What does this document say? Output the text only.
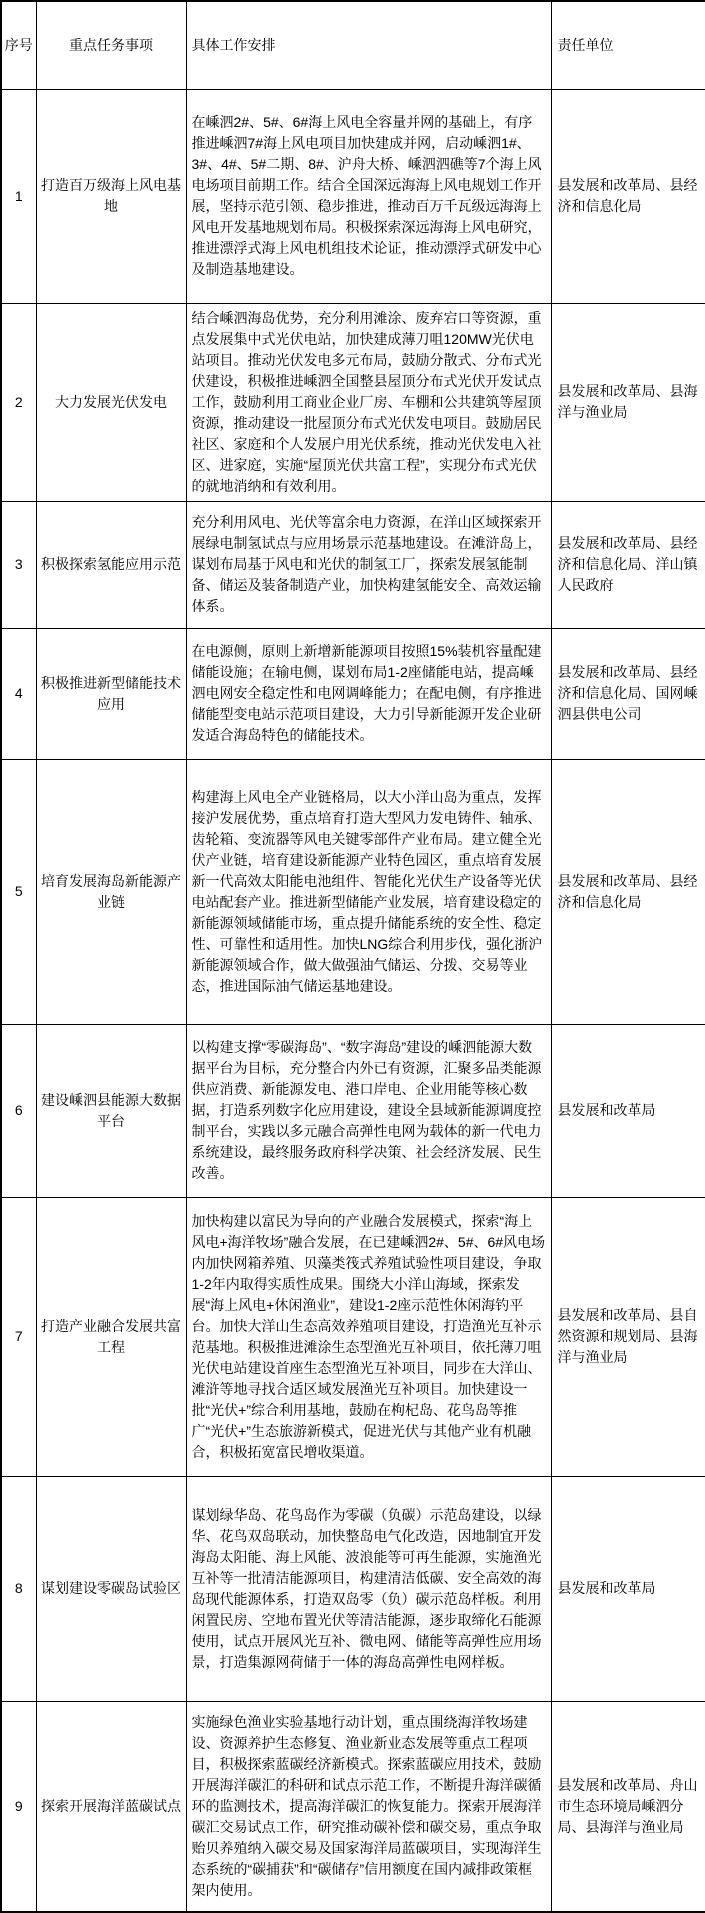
序号	重点任务事项	具体工作安排	责任单位
1	打造百万级海上风电基地	在嵊泗2#、5#、6#海上风电全容量并网的基础上，有序推进嵊泗7#海上风电项目加快建成并网，启动嵊泗1#、3#、4#、5#二期、8#、沪舟大桥、嵊泗泗礁等7个海上风电场项目前期工作。结合全国深远海海上风电规划工作开展，坚持示范引领、稳步推进，推动百万千瓦级远海海上风电开发基地规划布局。积极探索深远海海上风电研究，推进漂浮式海上风电机组技术论证，推动漂浮式研发中心及制造基地建设。	县发展和改革局、县经济和信息化局
2	大力发展光伏发电	结合嵊泗海岛优势，充分利用滩涂、废弃宕口等资源，重点发展集中式光伏电站，加快建成薄刀咀120MW光伏电站项目。推动光伏发电多元布局，鼓励分散式、分布式光伏建设，积极推进嵊泗全国整县屋顶分布式光伏开发试点工作，鼓励利用工商业企业厂房、车棚和公共建筑等屋顶资源，推动建设一批屋顶分布式光伏发电项目。鼓励居民社区、家庭和个人发展户用光伏系统，推动光伏发电入社区、进家庭，实施“屋顶光伏共富工程”，实现分布式光伏的就地消纳和有效利用。	县发展和改革局、县海洋与渔业局
3	积极探索氢能应用示范	充分利用风电、光伏等富余电力资源，在洋山区域探索开展绿电制氢试点与应用场景示范基地建设。在滩浒岛上，谋划布局基于风电和光伏的制氢工厂，探索发展氢能制备、储运及装备制造产业，加快构建氢能安全、高效运输体系。	县发展和改革局、县经济和信息化局、洋山镇人民政府
4	积极推进新型储能技术应用	在电源侧，原则上新增新能源项目按照15%装机容量配建储能设施；在输电侧，谋划布局1-2座储能电站，提高嵊泗电网安全稳定性和电网调峰能力；在配电侧，有序推进储能型变电站示范项目建设，大力引导新能源开发企业研发适合海岛特色的储能技术。	县发展和改革局、县经济和信息化局、国网嵊泗县供电公司
5	培育发展海岛新能源产业链	构建海上风电全产业链格局，以大小洋山岛为重点，发挥接沪发展优势，重点培育打造大型风力发电铸件、轴承、齿轮箱、变流器等风电关键零部件产业布局。建立健全光伏产业链，培育建设新能源产业特色园区，重点培育发展新一代高效太阳能电池组件、智能化光伏生产设备等光伏电站配套产业。推进新型储能产业发展，培育建设稳定的新能源领域储能市场，重点提升储能系统的安全性、稳定性、可靠性和适用性。加快LNG综合利用步伐，强化浙沪新能源领域合作，做大做强油气储运、分拨、交易等业态，推进国际油气储运基地建设。	县发展和改革局、县经济和信息化局
6	建设嵊泗县能源大数据平台	以构建支撑“零碳海岛”、“数字海岛”建设的嵊泗能源大数据平台为目标，充分整合内外已有资源，汇聚多品类能源供应消费、新能源发电、港口岸电、企业用能等核心数据，打造系列数字化应用建设，建设全县域新能源调度控制平台，实践以多元融合高弹性电网为载体的新一代电力系统建设，最终服务政府科学决策、社会经济发展、民生改善。	县发展和改革局
7	打造产业融合发展共富工程	加快构建以富民为导向的产业融合发展模式，探索“海上风电+海洋牧场”融合发展，在已建嵊泗2#、5#、6#风电场内加快网箱养殖、贝藻类筏式养殖试验性项目建设，争取1-2年内取得实质性成果。围绕大小洋山海域，探索发展“海上风电+休闲渔业”，建设1-2座示范性休闲海钓平台。加快大洋山生态高效养殖项目建设，打造渔光互补示范基地。积极推进滩涂生态型渔光互补项目，依托薄刀咀光伏电站建设首座生态型渔光互补项目，同步在大洋山、滩浒等地寻找合适区域发展渔光互补项目。加快建设一批“光伏+”综合利用基地，鼓励在枸杞岛、花鸟岛等推广“光伏+”生态旅游新模式，促进光伏与其他产业有机融合，积极拓宽富民增收渠道。	县发展和改革局、县自然资源和规划局、县海洋与渔业局
8	谋划建设零碳岛试验区	谋划绿华岛、花鸟岛作为零碳（负碳）示范岛建设，以绿华、花鸟双岛联动，加快整岛电气化改造，因地制宜开发海岛太阳能、海上风能、波浪能等可再生能源，实施渔光互补等一批清洁能源项目，构建清洁低碳、安全高效的海岛现代能源体系，打造双岛零（负）碳示范岛样板。利用闲置民房、空地布置光伏等清洁能源，逐步取缔化石能源使用，试点开展风光互补、微电网、储能等高弹性应用场景，打造集源网荷储于一体的海岛高弹性电网样板。	县发展和改革局
9	探索开展海洋蓝碳试点	实施绿色渔业实验基地行动计划，重点围绕海洋牧场建设、资源养护生态修复、渔业新业态发展等重点工程项目，积极探索蓝碳经济新模式。探索蓝碳应用技术，鼓励开展海洋碳汇的科研和试点示范工作，不断提升海洋碳循环的监测技术，提高海洋碳汇的恢复能力。探索开展海洋碳汇交易试点工作，研究推动碳补偿和碳交易，重点争取贻贝养殖纳入碳交易及国家海洋局蓝碳项目，实现海洋生态系统的“碳捕获”和“碳储存”信用额度在国内减排政策框架内使用。	县发展和改革局、舟山市生态环境局嵊泗分局、县海洋与渔业局
